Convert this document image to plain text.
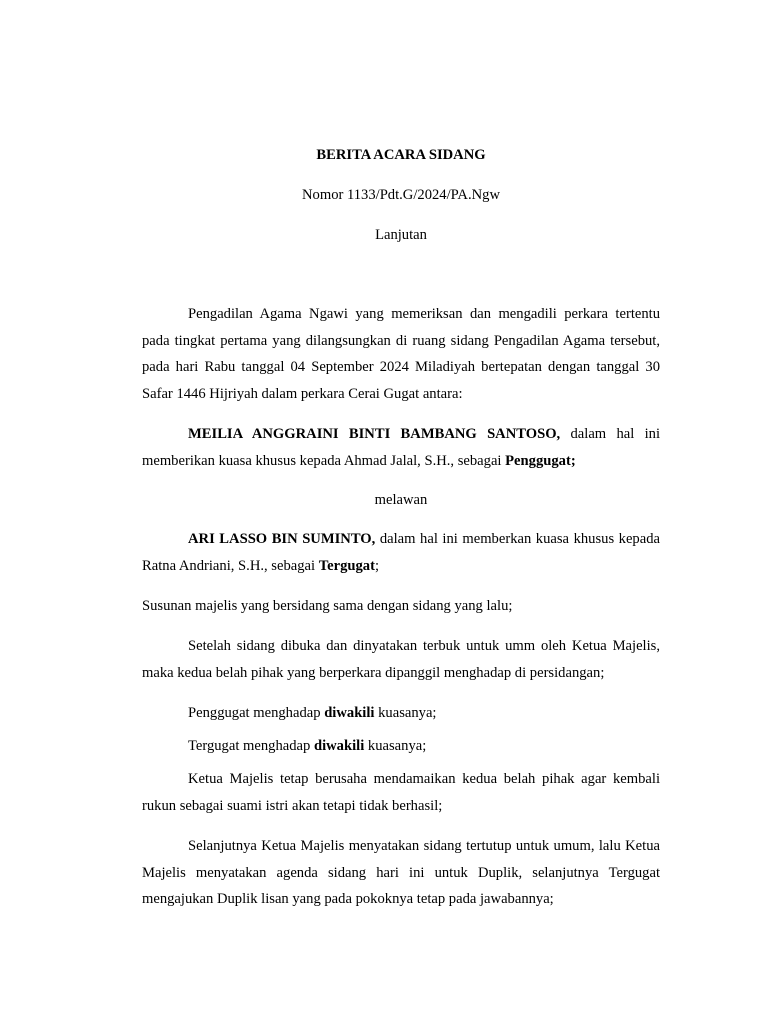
BERITA ACARA SIDANG

Nomor 1133/Pdt.G/2024/PA.Ngw

Lanjutan

Pengadilan Agama Ngawi yang memeriksan dan mengadili perkara tertentu pada tingkat pertama yang dilangsungkan di ruang sidang Pengadilan Agama tersebut, pada hari Rabu tanggal 04 September 2024 Miladiyah bertepatan dengan tanggal 30 Safar 1446 Hijriyah dalam perkara Cerai Gugat antara:

MEILIA ANGGRAINI BINTI BAMBANG SANTOSO, dalam hal ini memberikan kuasa khusus kepada Ahmad Jalal, S.H., sebagai Penggugat;

melawan

ARI LASSO BIN SUMINTO, dalam hal ini memberkan kuasa khusus kepada Ratna Andriani, S.H., sebagai Tergugat;

Susunan majelis yang bersidang sama dengan sidang yang lalu;

Setelah sidang dibuka dan dinyatakan terbuk untuk umm oleh Ketua Majelis, maka kedua belah pihak yang berperkara dipanggil menghadap di persidangan;

Penggugat menghadap diwakili kuasanya;

Tergugat menghadap diwakili kuasanya;

Ketua Majelis tetap berusaha mendamaikan kedua belah pihak agar kembali rukun sebagai suami istri akan tetapi tidak berhasil;

Selanjutnya Ketua Majelis menyatakan sidang tertutup untuk umum, lalu Ketua Majelis menyatakan agenda sidang hari ini untuk Duplik, selanjutnya Tergugat mengajukan Duplik lisan yang pada pokoknya tetap pada jawabannya;
